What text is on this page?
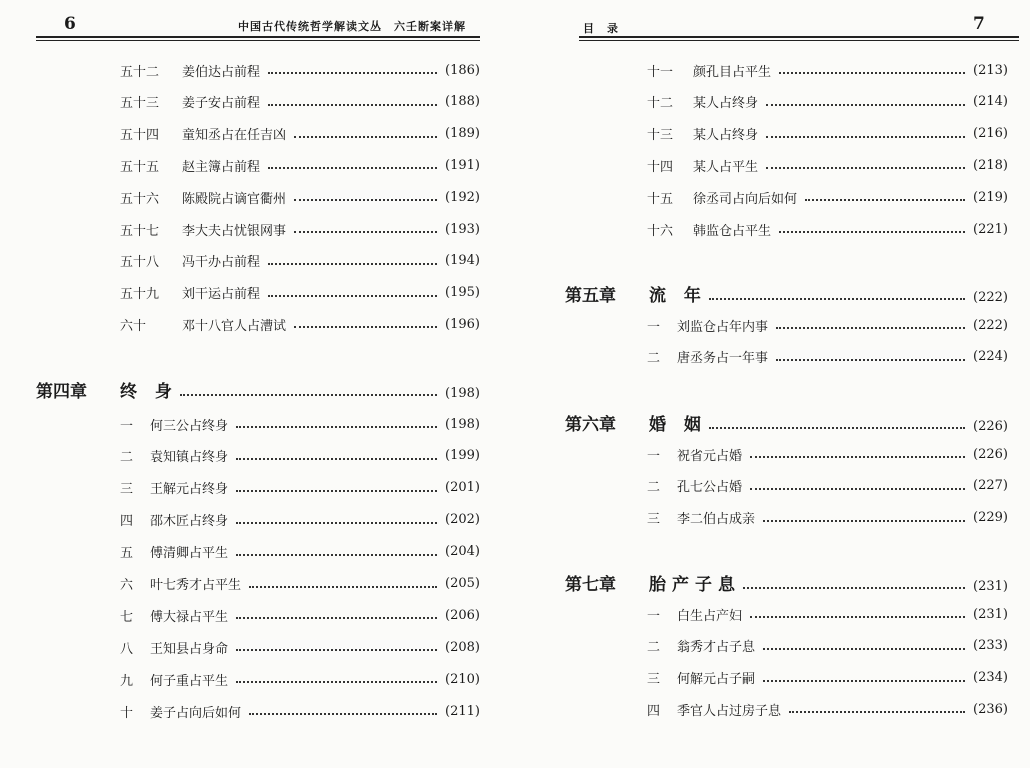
6	中国古代传统哲学解读文丛　六壬断案详解
五十二 姜伯达占前程	(186)
五十三 姜子安占前程	(188)
五十四 童知丞占在任吉凶	(189)
五十五 赵主簿占前程	(191)
五十六 陈殿院占谪官衢州	(192)
五十七 李大夫占忧银网事	(193)
五十八 冯干办占前程	(194)
五十九 刘干运占前程	(195)
六十	邓十八官人占漕试	(196)
第四章	终 身	(198)
一 何三公占终身	(198)
二 袁知镇占终身	(199)
三 王解元占终身	(201)
四 邵木匠占终身	(202)
五 傅清卿占平生	(204)
六 叶七秀才占平生	(205)
七 傅大禄占平生	(206)
八 王知县占身命	(208)
九 何子重占平生	(210)
十 姜子占向后如何	(211)
目　录	7
十一 颜孔目占平生	(213)
十二 某人占终身	(214)
十三 某人占终身	(216)
十四 某人占平生	(218)
十五 徐丞司占向后如何	(219)
十六 韩监仓占平生	(221)
第五章	流 年	(222)
一 刘监仓占年内事	(222)
二 唐丞务占一年事	(224)
第六章	婚 姻	(226)
一 祝省元占婚	(226)
二 孔七公占婚	(227)
三 李二伯占成亲	(229)
第七章	胎产子息	(231)
一 白生占产妇	(231)
二 翁秀才占子息	(233)
三 何解元占子嗣	(234)
四 季官人占过房子息	(236)
